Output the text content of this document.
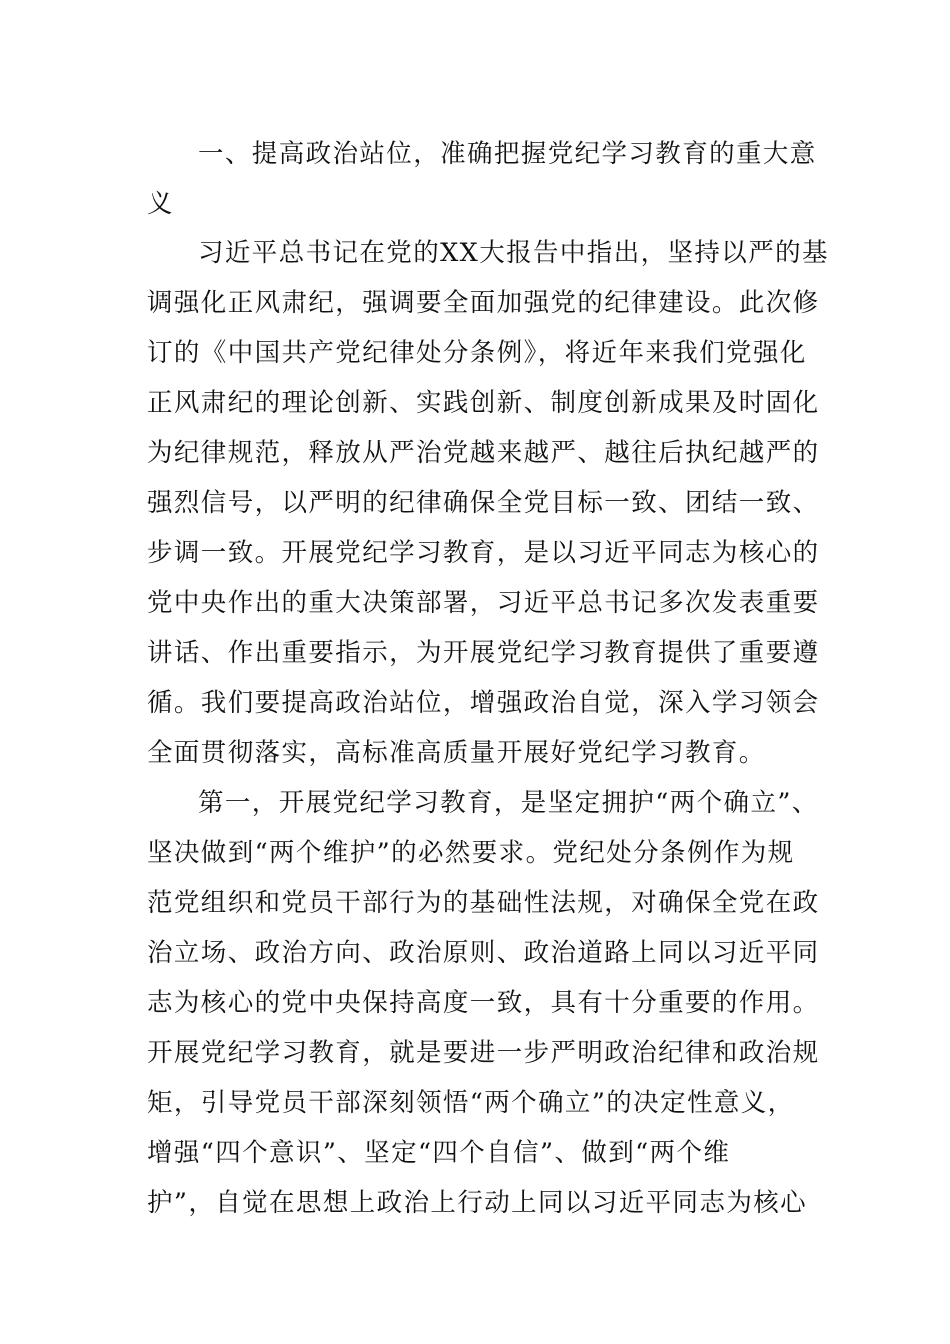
一、提高政治站位，准确把握党纪学习教育的重大意
义
习近平总书记在党的XX大报告中指出，坚持以严的基
调强化正风肃纪，强调要全面加强党的纪律建设。此次修
订的《中国共产党纪律处分条例》，将近年来我们党强化
正风肃纪的理论创新、实践创新、制度创新成果及时固化
为纪律规范，释放从严治党越来越严、越往后执纪越严的
强烈信号，以严明的纪律确保全党目标一致、团结一致、
步调一致。开展党纪学习教育，是以习近平同志为核心的
党中央作出的重大决策部署，习近平总书记多次发表重要
讲话、作出重要指示，为开展党纪学习教育提供了重要遵
循。我们要提高政治站位，增强政治自觉，深入学习领会
全面贯彻落实，高标准高质量开展好党纪学习教育。
第一，开展党纪学习教育，是坚定拥护“两个确立”、
坚决做到“两个维护”的必然要求。党纪处分条例作为规
范党组织和党员干部行为的基础性法规，对确保全党在政
治立场、政治方向、政治原则、政治道路上同以习近平同
志为核心的党中央保持高度一致，具有十分重要的作用。
开展党纪学习教育，就是要进一步严明政治纪律和政治规
矩，引导党员干部深刻领悟“两个确立”的决定性意义，
增强“四个意识”、坚定“四个自信”、做到“两个维
护”，自觉在思想上政治上行动上同以习近平同志为核心
